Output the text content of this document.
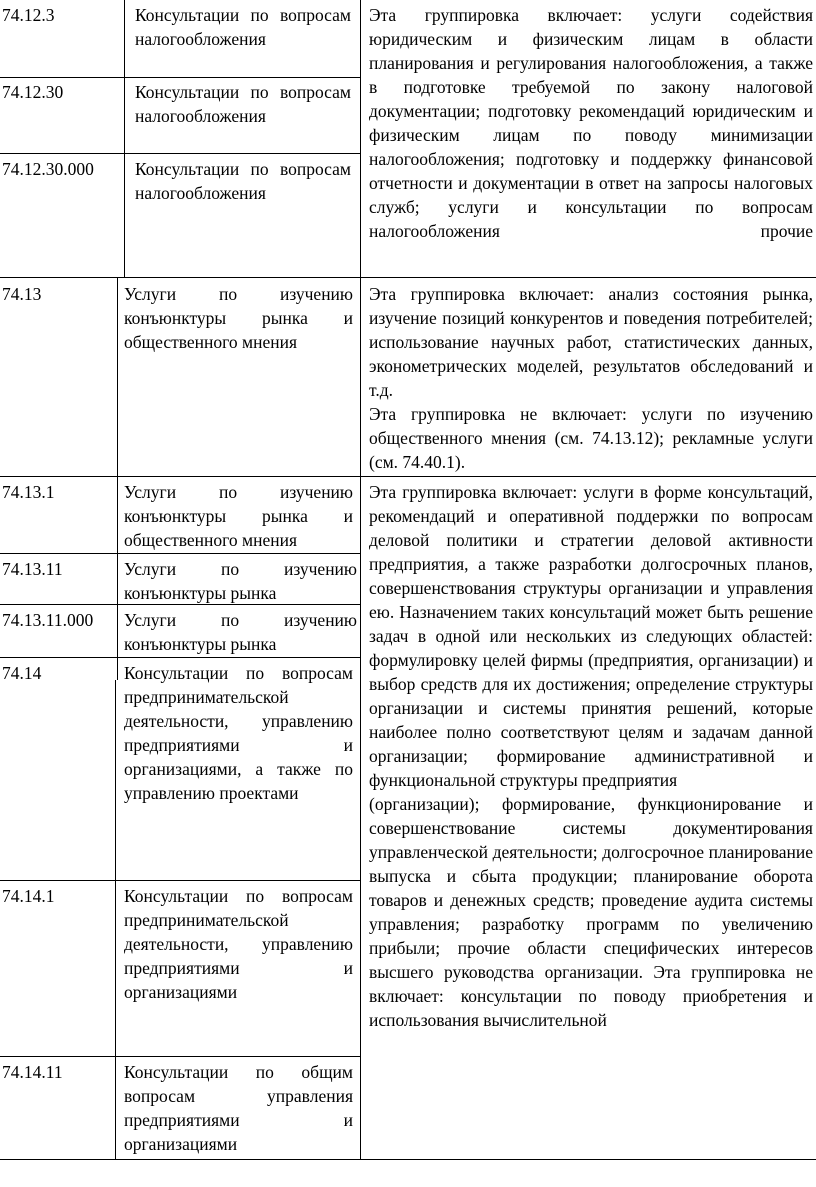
74.12.3	Консультации по вопросам налогообложения
74.12.30	Консультации по вопросам налогообложения
74.12.30.000 Консультации по вопросам налогообложения

Эта группировка включает: услуги содействия юридическим и физическим лицам в области планирования и регулирования налогообложения, а также в подготовке требуемой по закону налоговой документации; подготовку рекомендаций юридическим и физическим лицам по поводу минимизации налогообложения; подготовку и поддержку финансовой отчетности и документации в ответ на запросы налоговых служб; услуги и консультации по вопросам налогообложения прочие

74.13	Услуги по изучению конъюнктуры рынка и общественного мнения

Эта группировка включает: анализ состояния рынка, изучение позиций конкурентов и поведения потребителей; использование научных работ, статистических данных, эконометрических моделей, результатов обследований и т.д.

Эта группировка не включает: услуги по изучению общественного мнения (см. 74.13.12); рекламные услуги (см. 74.40.1).

74.13.1	Услуги по изучению конъюнктуры рынка и общественного мнения
74.13.11	Услуги по изучению конъюнктуры рынка
74.13.11.000 Услуги по изучению конъюнктуры рынка
74.14	Консультации по вопросам предпринимательской деятельности, управлению предприятиями и организациями, а также по управлению проектами
74.14.1	Консультации по вопросам предпринимательской деятельности, управлению предприятиями и организациями
74.14.11	Консультации по общим вопросам управления предприятиями и организациями

Эта группировка включает: услуги в форме консультаций, рекомендаций и оперативной поддержки по вопросам деловой политики и стратегии деловой активности предприятия, а также разработки долгосрочных планов, совершенствования структуры организации и управления ею. Назначением таких консультаций может быть решение задач в одной или нескольких из следующих областей: формулировку целей фирмы (предприятия, организации) и выбор средств для их достижения; определение структуры организации и системы принятия решений, которые наиболее полно соответствуют целям и задачам данной организации; формирование административной и функциональной структуры предприятия

(организации); формирование, функционирование и совершенствование системы документирования управленческой деятельности; долгосрочное планирование выпуска и сбыта продукции; планирование оборота товаров и денежных средств; проведение аудита системы управления; разработку программ по увеличению прибыли; прочие области специфических интересов высшего руководства организации. Эта группировка не включает: консультации по поводу приобретения и использования вычислительной
